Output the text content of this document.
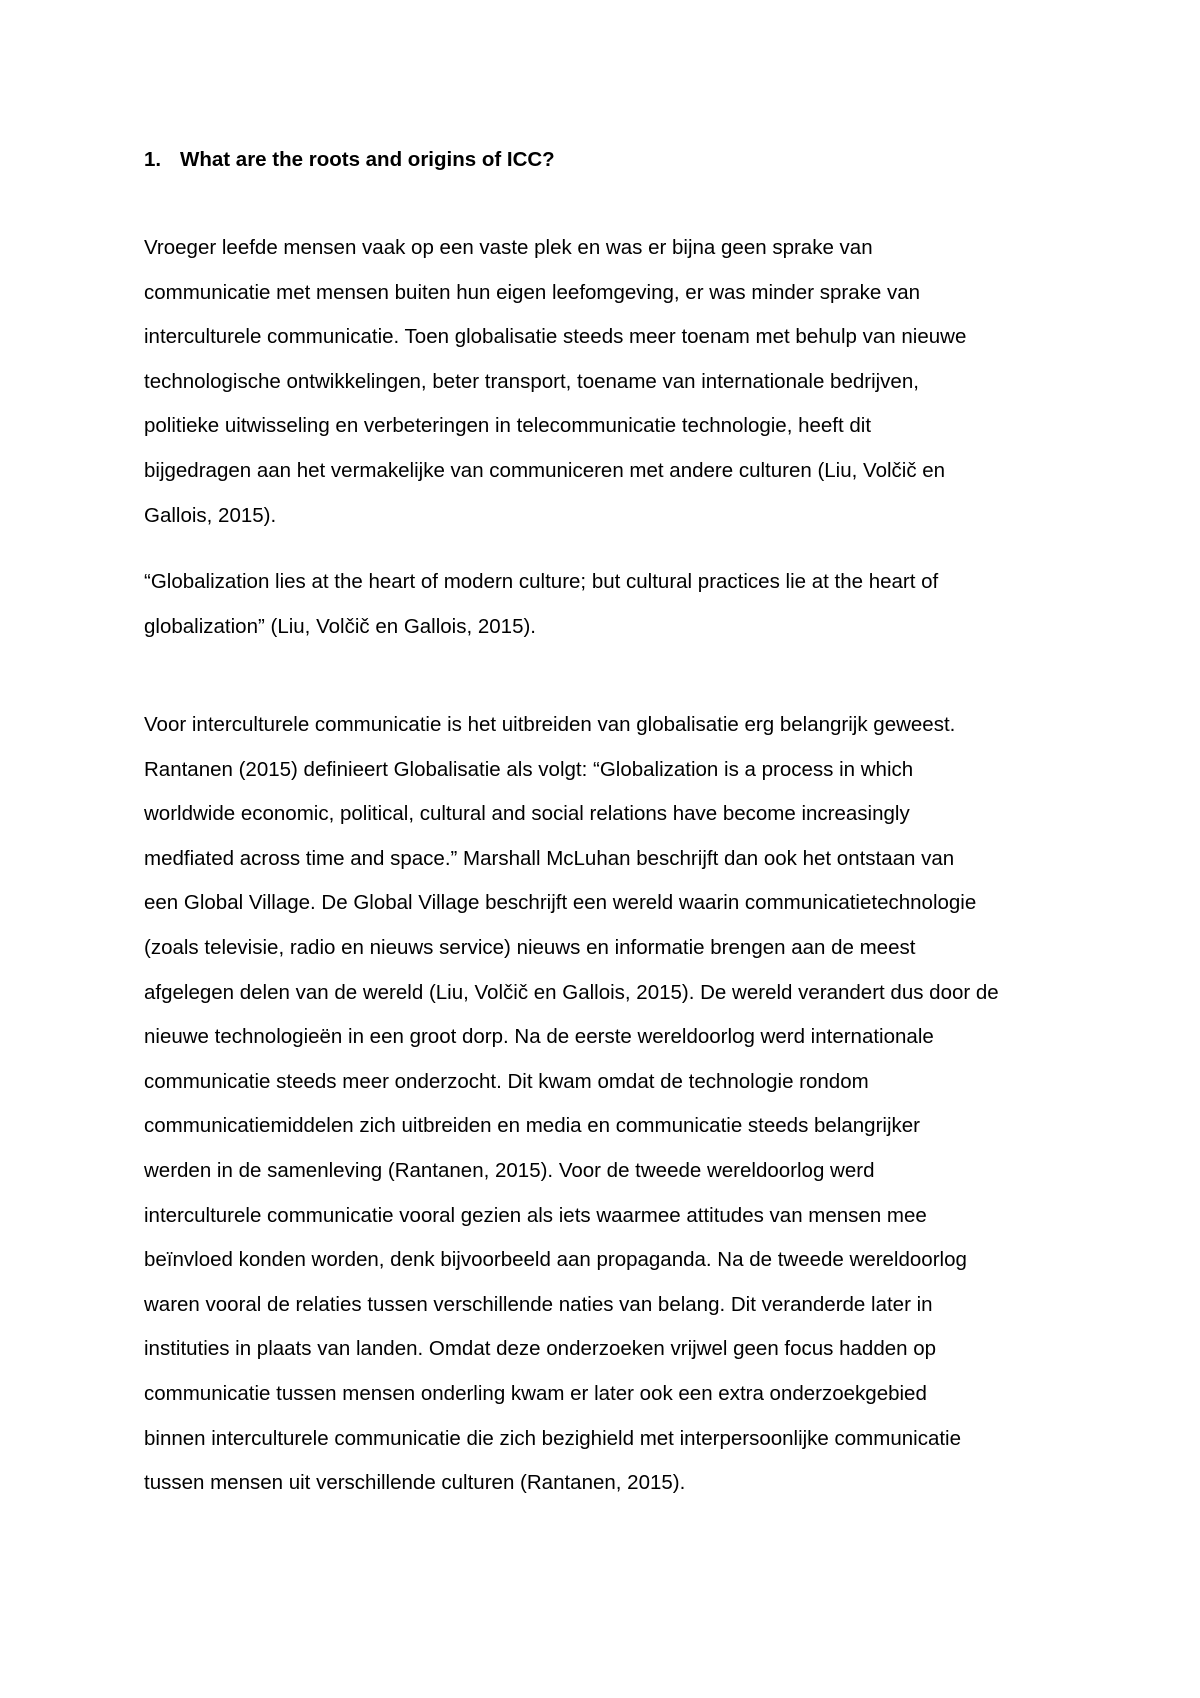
1. What are the roots and origins of ICC?
Vroeger leefde mensen vaak op een vaste plek en was er bijna geen sprake van
communicatie met mensen buiten hun eigen leefomgeving, er was minder sprake van
interculturele communicatie. Toen globalisatie steeds meer toenam met behulp van nieuwe
technologische ontwikkelingen, beter transport, toename van internationale bedrijven,
politieke uitwisseling en verbeteringen in telecommunicatie technologie, heeft dit
bijgedragen aan het vermakelijke van communiceren met andere culturen (Liu, Volčič en
Gallois, 2015).
“Globalization lies at the heart of modern culture; but cultural practices lie at the heart of
globalization” (Liu, Volčič en Gallois, 2015).
Voor interculturele communicatie is het uitbreiden van globalisatie erg belangrijk geweest.
Rantanen (2015) definieert Globalisatie als volgt: “Globalization is a process in which
worldwide economic, political, cultural and social relations have become increasingly
medfiated across time and space.” Marshall McLuhan beschrijft dan ook het ontstaan van
een Global Village. De Global Village beschrijft een wereld waarin communicatietechnologie
(zoals televisie, radio en nieuws service) nieuws en informatie brengen aan de meest
afgelegen delen van de wereld (Liu, Volčič en Gallois, 2015). De wereld verandert dus door de
nieuwe technologieën in een groot dorp. Na de eerste wereldoorlog werd internationale
communicatie steeds meer onderzocht. Dit kwam omdat de technologie rondom
communicatiemiddelen zich uitbreiden en media en communicatie steeds belangrijker
werden in de samenleving (Rantanen, 2015). Voor de tweede wereldoorlog werd
interculturele communicatie vooral gezien als iets waarmee attitudes van mensen mee
beïnvloed konden worden, denk bijvoorbeeld aan propaganda. Na de tweede wereldoorlog
waren vooral de relaties tussen verschillende naties van belang. Dit veranderde later in
instituties in plaats van landen. Omdat deze onderzoeken vrijwel geen focus hadden op
communicatie tussen mensen onderling kwam er later ook een extra onderzoekgebied
binnen interculturele communicatie die zich bezighield met interpersoonlijke communicatie
tussen mensen uit verschillende culturen (Rantanen, 2015).
